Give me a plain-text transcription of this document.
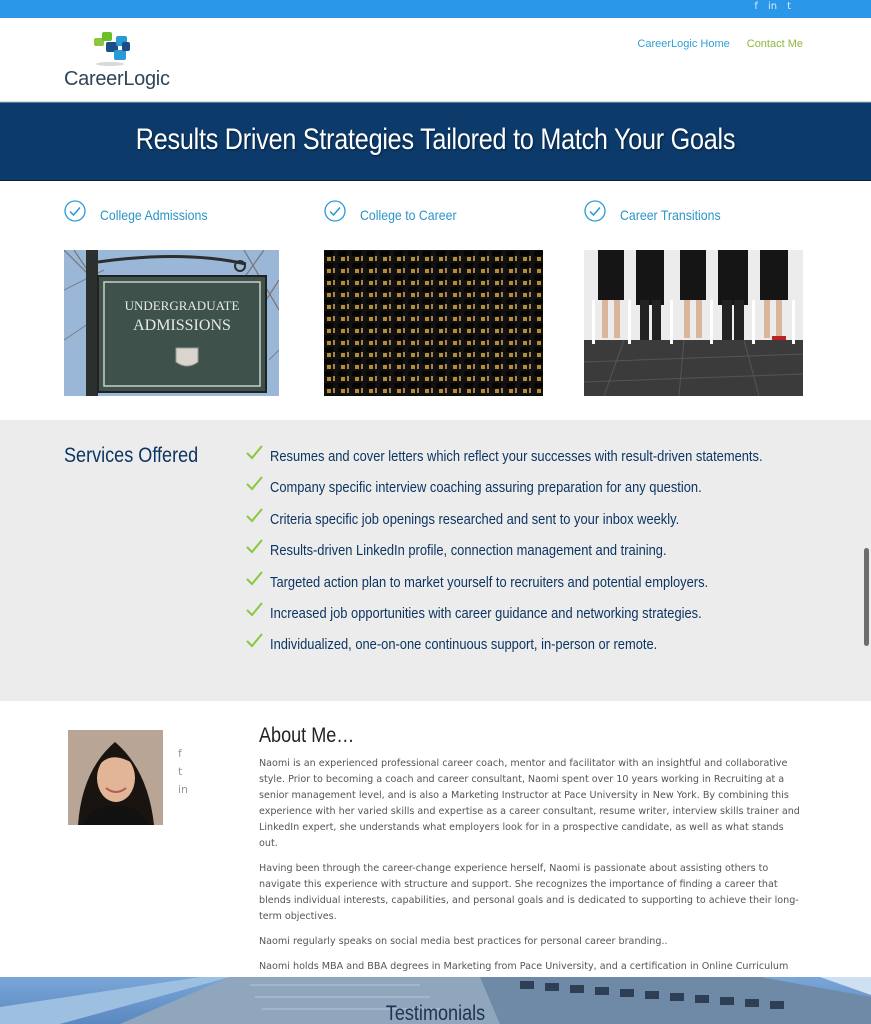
f in t
CareerLogic
CareerLogic Home Contact Me
Results Driven Strategies Tailored to Match Your Goals
College Admissions
UNDERGRADUATE
ADMISSIONS
College to Career	Career Transitions
Services Offered	Resumes and cover letters which reflect your successes with result-driven statements.
Company specific interview coaching assuring preparation for any question.
Criteria specific job openings researched and sent to your inbox weekly.
Results-driven LinkedIn profile, connection management and training.
Targeted action plan to market yourself to recruiters and potential employers.
Increased job opportunities with career guidance and networking strategies.
Individualized, one-on-one continuous support, in-person or remote.
f
t
in
About Me…

Naomi is an experienced professional career coach, mentor and facilitator with an insightful and collaborative style. Prior to becoming a coach and career consultant, Naomi spent over 10 years working in Recruiting at a senior management level, and is also a Marketing Instructor at Pace University in New York. By combining this experience with her varied skills and expertise as a career consultant, resume writer, interview skills trainer and LinkedIn expert, she understands what employers look for in a prospective candidate, as well as what stands out.

Having been through the career-change experience herself, Naomi is passionate about assisting others to navigate this experience with structure and support. She recognizes the importance of finding a career that blends individual interests, capabilities, and personal goals and is dedicated to supporting to achieve their long-term objectives.

Naomi regularly speaks on social media best practices for personal career branding..

Naomi holds MBA and BBA degrees in Marketing from Pace University, and a certification in Online Curriculum

Testimonials
